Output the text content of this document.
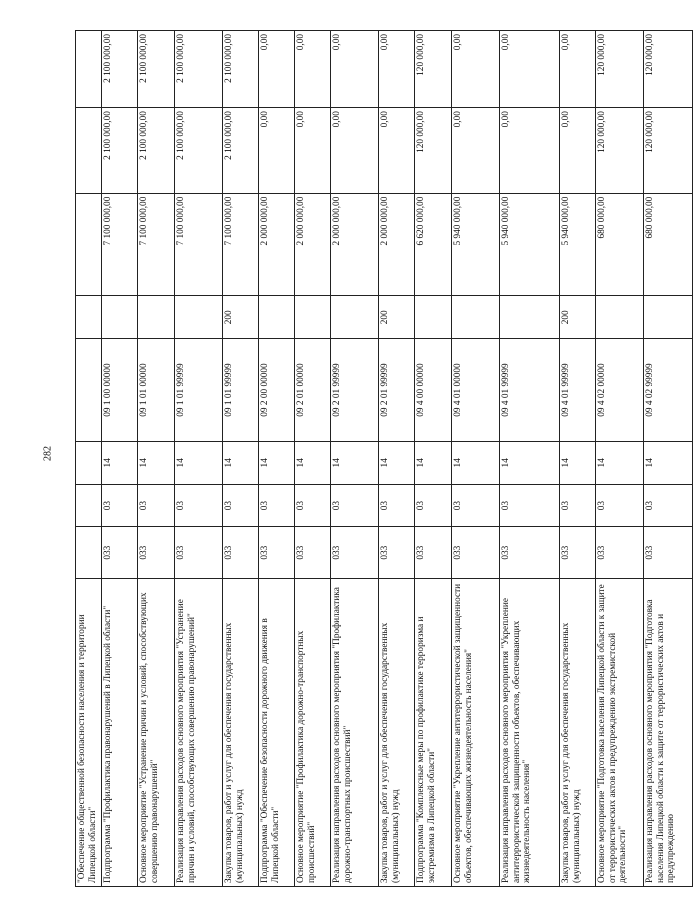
282
"Обеспечение общественной безопасности населения и территории Липецкой области"								
Подпрограмма "Профилактика правонарушений в Липецкой области"	033	03	14	09 1 00 00000		7 100 000,00	2 100 000,00	2 100 000,00
Основное мероприятие "Устранение причин и условий, способствующих совершению правонарушений"	033	03	14	09 1 01 00000		7 100 000,00	2 100 000,00	2 100 000,00
Реализация направления расходов основного мероприятия "Устранение причин и условий, способствующих совершению правонарушений"	033	03	14	09 1 01 99999		7 100 000,00	2 100 000,00	2 100 000,00
Закупка товаров, работ и услуг для обеспечения государственных (муниципальных) нужд	033	03	14	09 1 01 99999	200	7 100 000,00	2 100 000,00	2 100 000,00
Подпрограмма "Обеспечение безопасности дорожного движения в Липецкой области"	033	03	14	09 2 00 00000		2 000 000,00	0,00	0,00
Основное мероприятие "Профилактика дорожно-транспортных происшествий"	033	03	14	09 2 01 00000		2 000 000,00	0,00	0,00
Реализация направления расходов основного мероприятия "Профилактика дорожно-транспортных происшествий"	033	03	14	09 2 01 99999		2 000 000,00	0,00	0,00
Закупка товаров, работ и услуг для обеспечения государственных (муниципальных) нужд	033	03	14	09 2 01 99999	200	2 000 000,00	0,00	0,00
Подпрограмма "Комплексные меры по профилактике терроризма и экстремизма в Липецкой области"	033	03	14	09 4 00 00000		6 620 000,00	120 000,00	120 000,00
Основное мероприятие "Укрепление антитеррористической защищенности объектов, обеспечивающих жизнедеятельность населения"	033	03	14	09 4 01 00000		5 940 000,00	0,00	0,00
Реализация направления расходов основного мероприятия "Укрепление антитеррористической защищенности объектов, обеспечивающих жизнедеятельность населения"	033	03	14	09 4 01 99999		5 940 000,00	0,00	0,00
Закупка товаров, работ и услуг для обеспечения государственных (муниципальных) нужд	033	03	14	09 4 01 99999	200	5 940 000,00	0,00	0,00
Основное мероприятие "Подготовка населения Липецкой области к защите от террористических актов и предупреждению экстремистской деятельности"	033	03	14	09 4 02 00000		680 000,00	120 000,00	120 000,00
Реализация направления расходов основного мероприятия "Подготовка населения Липецкой области к защите от террористических актов и предупреждению	033	03	14	09 4 02 99999		680 000,00	120 000,00	120 000,00
